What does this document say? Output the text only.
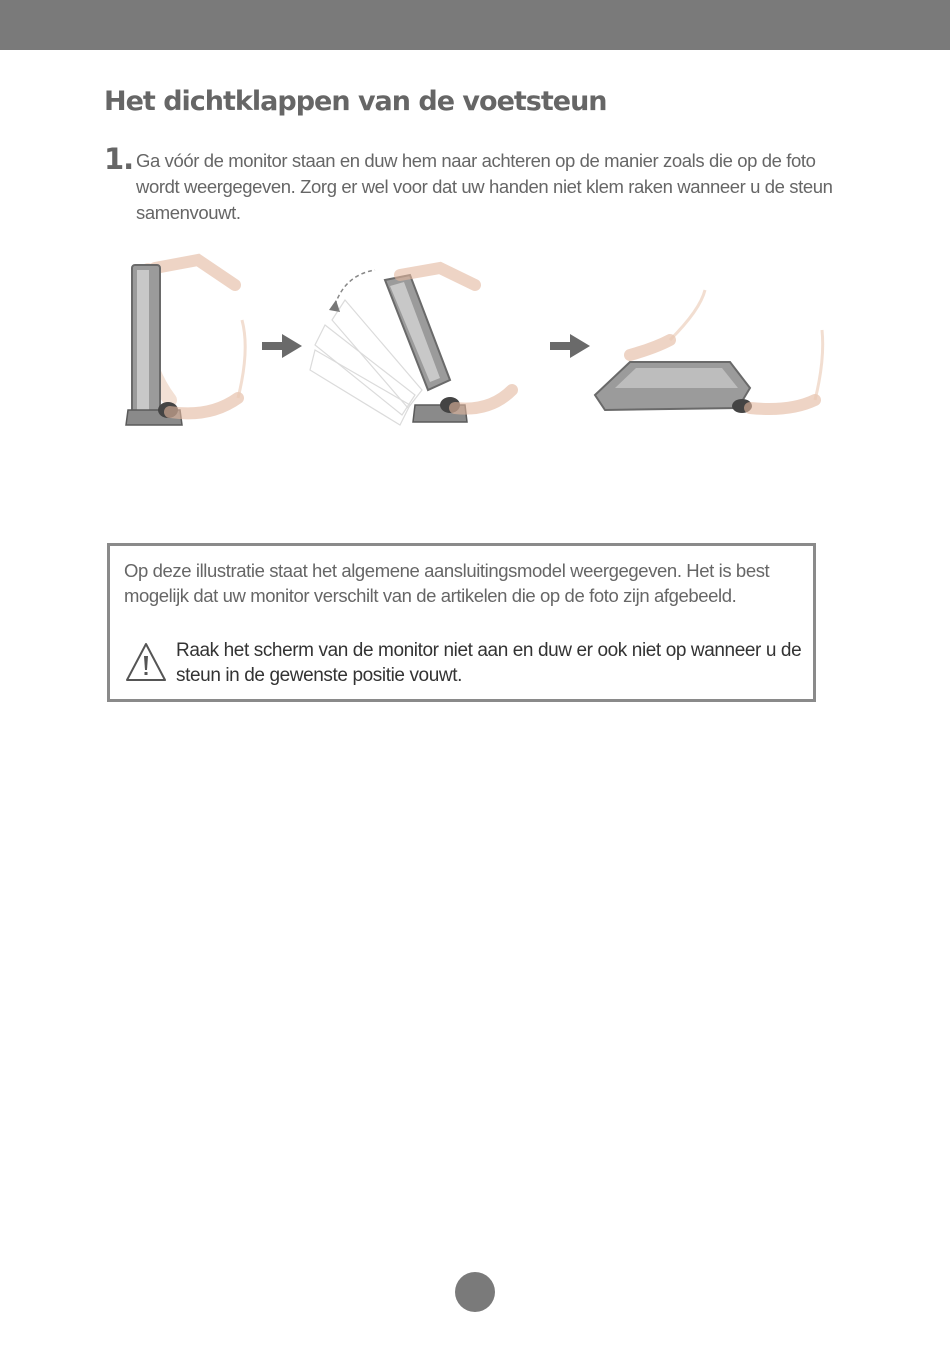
Het dichtklappen van de voetsteun
1. Ga vóór de monitor staan en duw hem naar achteren op de manier zoals die op de foto wordt weergegeven. Zorg er wel voor dat uw handen niet klem raken wanneer u de steun samenvouwt.
Op deze illustratie staat het algemene aansluitingsmodel weergegeven. Het is best mogelijk dat uw monitor verschilt van de artikelen die op de foto zijn afgebeeld.
Raak het scherm van de monitor niet aan en duw er ook niet op wanneer u de steun in de gewenste positie vouwt.
